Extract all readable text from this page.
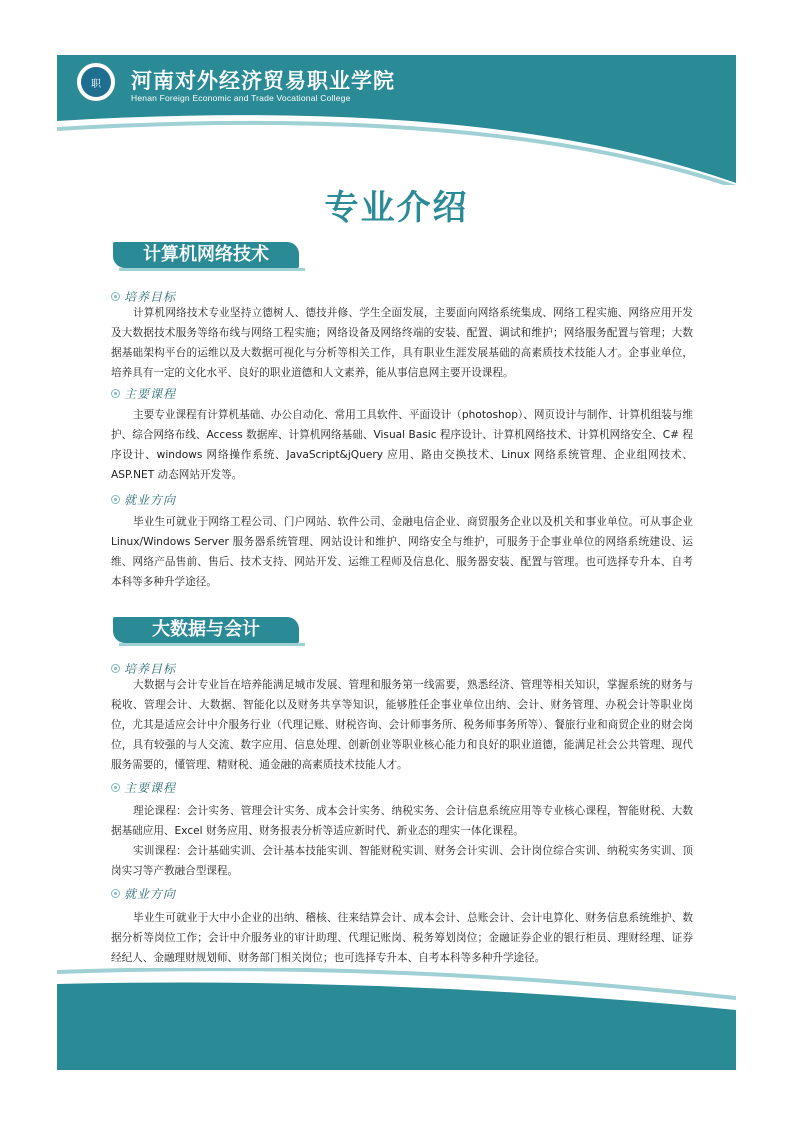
职	河南对外经济贸易职业学院
Henan Foreign Economic and Trade Vocational College
专业介绍
计算机网络技术
培养目标

计算机网络技术专业坚持立德树人、德技并修、学生全面发展，主要面向网络系统集成、网络工程实施、网络应用开发及大数据技术服务等络布线与网络工程实施；网络设备及网络终端的安装、配置、调试和维护；网络服务配置与管理；大数据基础架构平台的运维以及大数据可视化与分析等相关工作，具有职业生涯发展基础的高素质技术技能人才。企事业单位，培养具有一定的文化水平、良好的职业道德和人文素养，能从事信息网主要开设课程。

主要课程

主要专业课程有计算机基础、办公自动化、常用工具软件、平面设计（photoshop）、网页设计与制作、计算机组装与维护、综合网络布线、Access 数据库、计算机网络基础、Visual Basic 程序设计、计算机网络技术、计算机网络安全、C# 程序设计、windows 网络操作系统、JavaScript&jQuery 应用、路由交换技术、Linux 网络系统管理、企业组网技术、ASP.NET 动态网站开发等。

就业方向

毕业生可就业于网络工程公司、门户网站、软件公司、金融电信企业、商贸服务企业以及机关和事业单位。可从事企业 Linux/Windows Server 服务器系统管理、网站设计和维护、网络安全与维护，可服务于企事业单位的网络系统建设、运维、网络产品售前、售后、技术支持、网站开发、运维工程师及信息化、服务器安装、配置与管理。也可选择专升本、自考本科等多种升学途径。

大数据与会计
培养目标

大数据与会计专业旨在培养能满足城市发展、管理和服务第一线需要，熟悉经济、管理等相关知识，掌握系统的财务与税收、管理会计、大数据、智能化以及财务共享等知识，能够胜任企事业单位出纳、会计、财务管理、办税会计等职业岗位，尤其是适应会计中介服务行业（代理记账、财税咨询、会计师事务所、税务师事务所等）、餐旅行业和商贸企业的财会岗位，具有较强的与人交流、数字应用、信息处理、创新创业等职业核心能力和良好的职业道德，能满足社会公共管理、现代服务需要的，懂管理、精财税、通金融的高素质技术技能人才。

主要课程

理论课程：会计实务、管理会计实务、成本会计实务、纳税实务、会计信息系统应用等专业核心课程，智能财税、大数据基础应用、Excel 财务应用、财务报表分析等适应新时代、新业态的理实一体化课程。

实训课程：会计基础实训、会计基本技能实训、智能财税实训、财务会计实训、会计岗位综合实训、纳税实务实训、顶岗实习等产教融合型课程。

就业方向

毕业生可就业于大中小企业的出纳、稽核、往来结算会计、成本会计、总账会计、会计电算化、财务信息系统维护、数据分析等岗位工作；会计中介服务业的审计助理、代理记账岗、税务筹划岗位；金融证券企业的银行柜员、理财经理、证券经纪人、金融理财规划师、财务部门相关岗位；也可选择专升本、自考本科等多种升学途径。
